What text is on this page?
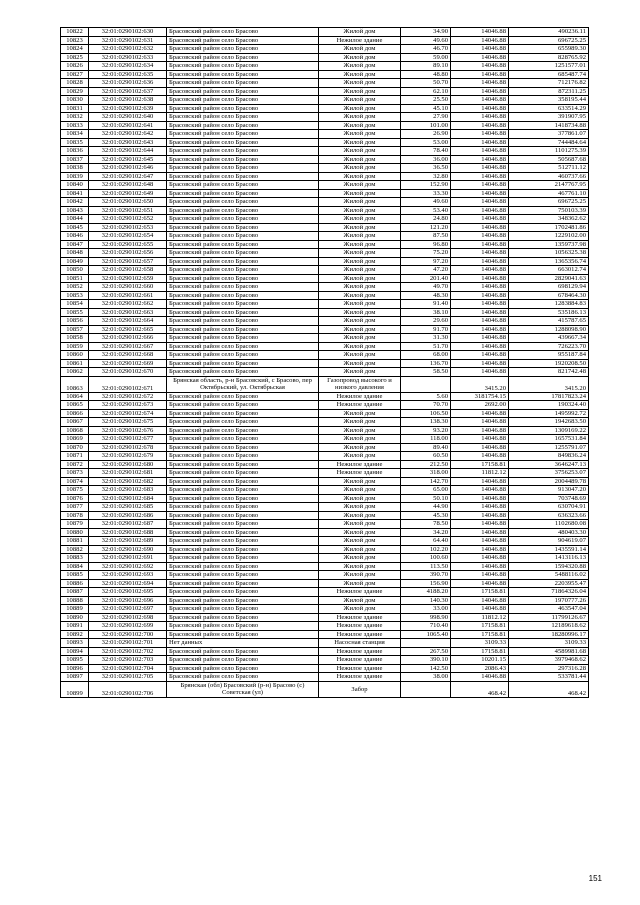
10822	32:01:0290102:630	Брасовский район село Брасово	Жилой дом	34.90	14046.88	490236.11
10823	32:01:0290102:631	Брасовский район село Брасово	Нежилое здание	49.60	14046.88	696725.25
10824	32:01:0290102:632	Брасовский район село Брасово	Жилой дом	46.70	14046.88	655989.30
10825	32:01:0290102:633	Брасовский район село Брасово	Жилой дом	59.00	14046.88	828765.92
10826	32:01:0290102:634	Брасовский район село Брасово	Жилой дом	89.10	14046.88	1251577.01
10827	32:01:0290102:635	Брасовский район село Брасово	Жилой дом	48.80	14046.88	685487.74
10828	32:01:0290102:636	Брасовский район село Брасово	Жилой дом	50.70	14046.88	712176.82
10829	32:01:0290102:637	Брасовский район село Брасово	Жилой дом	62.10	14046.88	872311.25
10830	32:01:0290102:638	Брасовский район село Брасово	Жилой дом	25.50	14046.88	358195.44
10831	32:01:0290102:639	Брасовский район село Брасово	Жилой дом	45.10	14046.88	633514.29
10832	32:01:0290102:640	Брасовский район село Брасово	Жилой дом	27.90	14046.88	391907.95
10833	32:01:0290102:641	Брасовский район село Брасово	Жилой дом	101.00	14046.88	1418734.88
10834	32:01:0290102:642	Брасовский район село Брасово	Жилой дом	26.90	14046.88	377861.07
10835	32:01:0290102:643	Брасовский район село Брасово	Жилой дом	53.00	14046.88	744484.64
10836	32:01:0290102:644	Брасовский район село Брасово	Жилой дом	78.40	14046.88	1101275.39
10837	32:01:0290102:645	Брасовский район село Брасово	Жилой дом	36.00	14046.88	505687.68
10838	32:01:0290102:646	Брасовский район село Брасово	Жилой дом	36.50	14046.88	512711.12
10839	32:01:0290102:647	Брасовский район село Брасово	Жилой дом	32.80	14046.88	460737.66
10840	32:01:0290102:648	Брасовский район село Брасово	Жилой дом	152.90	14046.88	2147767.95
10841	32:01:0290102:649	Брасовский район село Брасово	Жилой дом	33.30	14046.88	467761.10
10842	32:01:0290102:650	Брасовский район село Брасово	Жилой дом	49.60	14046.88	696725.25
10843	32:01:0290102:651	Брасовский район село Брасово	Жилой дом	53.40	14046.88	750103.39
10844	32:01:0290102:652	Брасовский район село Брасово	Жилой дом	24.80	14046.88	348362.62
10845	32:01:0290102:653	Брасовский район село Брасово	Жилой дом	121.20	14046.88	1702481.86
10846	32:01:0290102:654	Брасовский район село Брасово	Жилой дом	87.50	14046.88	1229102.00
10847	32:01:0290102:655	Брасовский район село Брасово	Жилой дом	96.80	14046.88	1359737.98
10848	32:01:0290102:656	Брасовский район село Брасово	Жилой дом	75.20	14046.88	1056325.38
10849	32:01:0290102:657	Брасовский район село Брасово	Жилой дом	97.20	14046.88	1365356.74
10850	32:01:0290102:658	Брасовский район село Брасово	Жилой дом	47.20	14046.88	663012.74
10851	32:01:0290102:659	Брасовский район село Брасово	Жилой дом	201.40	14046.88	2829041.63
10852	32:01:0290102:660	Брасовский район село Брасово	Жилой дом	49.70	14046.88	698129.94
10853	32:01:0290102:661	Брасовский район село Брасово	Жилой дом	48.30	14046.88	678464.30
10854	32:01:0290102:662	Брасовский район село Брасово	Жилой дом	91.40	14046.88	1283884.83
10855	32:01:0290102:663	Брасовский район село Брасово	Жилой дом	38.10	14046.88	535186.13
10856	32:01:0290102:664	Брасовский район село Брасово	Жилой дом	29.60	14046.88	415787.65
10857	32:01:0290102:665	Брасовский район село Брасово	Жилой дом	91.70	14046.88	1288098.90
10858	32:01:0290102:666	Брасовский район село Брасово	Жилой дом	31.30	14046.88	439667.34
10859	32:01:0290102:667	Брасовский район село Брасово	Жилой дом	51.70	14046.88	726223.70
10860	32:01:0290102:668	Брасовский район село Брасово	Жилой дом	68.00	14046.88	955187.84
10861	32:01:0290102:669	Брасовский район село Брасово	Жилой дом	136.70	14046.88	1920208.50
10862	32:01:0290102:670	Брасовский район село Брасово	Жилой дом	58.50	14046.88	821742.48
10863	32:01:0290102:671	Брянская область, р-н Брасовский, с Брасово, пер Октябрьский, ул. Октябрьская	Газопровод высокого и низкого давления		3415.20	3415.20
10864	32:01:0290102:672	Брасовский район село Брасово	Нежилое здание	5.60	3181754.15	17817823.24
10865	32:01:0290102:673	Брасовский район село Брасово	Нежилое здание	70.70	2692.00	190324.40
10866	32:01:0290102:674	Брасовский район село Брасово	Жилой дом	106.50	14046.88	1495992.72
10867	32:01:0290102:675	Брасовский район село Брасово	Жилой дом	138.30	14046.88	1942683.50
10868	32:01:0290102:676	Брасовский район село Брасово	Жилой дом	93.20	14046.88	1309169.22
10869	32:01:0290102:677	Брасовский район село Брасово	Жилой дом	118.00	14046.88	1657531.84
10870	32:01:0290102:678	Брасовский район село Брасово	Жилой дом	89.40	14046.88	1255791.07
10871	32:01:0290102:679	Брасовский район село Брасово	Жилой дом	60.50	14046.88	849836.24
10872	32:01:0290102:680	Брасовский район село Брасово	Нежилое здание	212.50	17158.81	3646247.13
10873	32:01:0290102:681	Брасовский район село Брасово	Нежилое здание	318.00	11812.12	3756253.07
10874	32:01:0290102:682	Брасовский район село Брасово	Жилой дом	142.70	14046.88	2004489.78
10875	32:01:0290102:683	Брасовский район село Брасово	Жилой дом	65.00	14046.88	913047.20
10876	32:01:0290102:684	Брасовский район село Брасово	Жилой дом	50.10	14046.88	703748.69
10877	32:01:0290102:685	Брасовский район село Брасово	Жилой дом	44.90	14046.88	630704.91
10878	32:01:0290102:686	Брасовский район село Брасово	Жилой дом	45.30	14046.88	636323.66
10879	32:01:0290102:687	Брасовский район село Брасово	Жилой дом	78.50	14046.88	1102680.08
10880	32:01:0290102:688	Брасовский район село Брасово	Жилой дом	34.20	14046.88	480403.30
10881	32:01:0290102:689	Брасовский район село Брасово	Жилой дом	64.40	14046.88	904619.07
10882	32:01:0290102:690	Брасовский район село Брасово	Жилой дом	102.20	14046.88	1435591.14
10883	32:01:0290102:691	Брасовский район село Брасово	Жилой дом	100.60	14046.88	1413116.13
10884	32:01:0290102:692	Брасовский район село Брасово	Жилой дом	113.50	14046.88	1594320.88
10885	32:01:0290102:693	Брасовский район село Брасово	Жилой дом	390.70	14046.88	5488116.02
10886	32:01:0290102:694	Брасовский район село Брасово	Жилой дом	156.90	14046.88	2203955.47
10887	32:01:0290102:695	Брасовский район село Брасово	Нежилое здание	4188.20	17158.81	71864326.04
10888	32:01:0290102:696	Брасовский район село Брасово	Жилой дом	140.30	14046.88	1970777.26
10889	32:01:0290102:697	Брасовский район село Брасово	Жилой дом	33.00	14046.88	463547.04
10890	32:01:0290102:698	Брасовский район село Брасово	Нежилое здание	998.90	11812.12	11799126.67
10891	32:01:0290102:699	Брасовский район село Брасово	Нежилое здание	710.40	17158.81	12189618.62
10892	32:01:0290102:700	Брасовский район село Брасово	Нежилое здание	1065.40	17158.81	18280996.17
10893	32:01:0290102:701	Нет данных	Насосная станция		3109.33	3109.33
10894	32:01:0290102:702	Брасовский район село Брасово	Нежилое здание	267.50	17158.81	4589981.68
10895	32:01:0290102:703	Брасовский район село Брасово	Нежилое здание	390.10	10201.15	3979468.62
10896	32:01:0290102:704	Брасовский район село Брасово	Нежилое здание	142.50	2086.43	297316.28
10897	32:01:0290102:705	Брасовский район село Брасово	Нежилое здание	38.00	14046.88	533781.44
10899	32:01:0290102:706	Брянская (обл) Брасовский (р-н) Брасово (с) Советская (ул)	Забор		468.42	468.42
151
